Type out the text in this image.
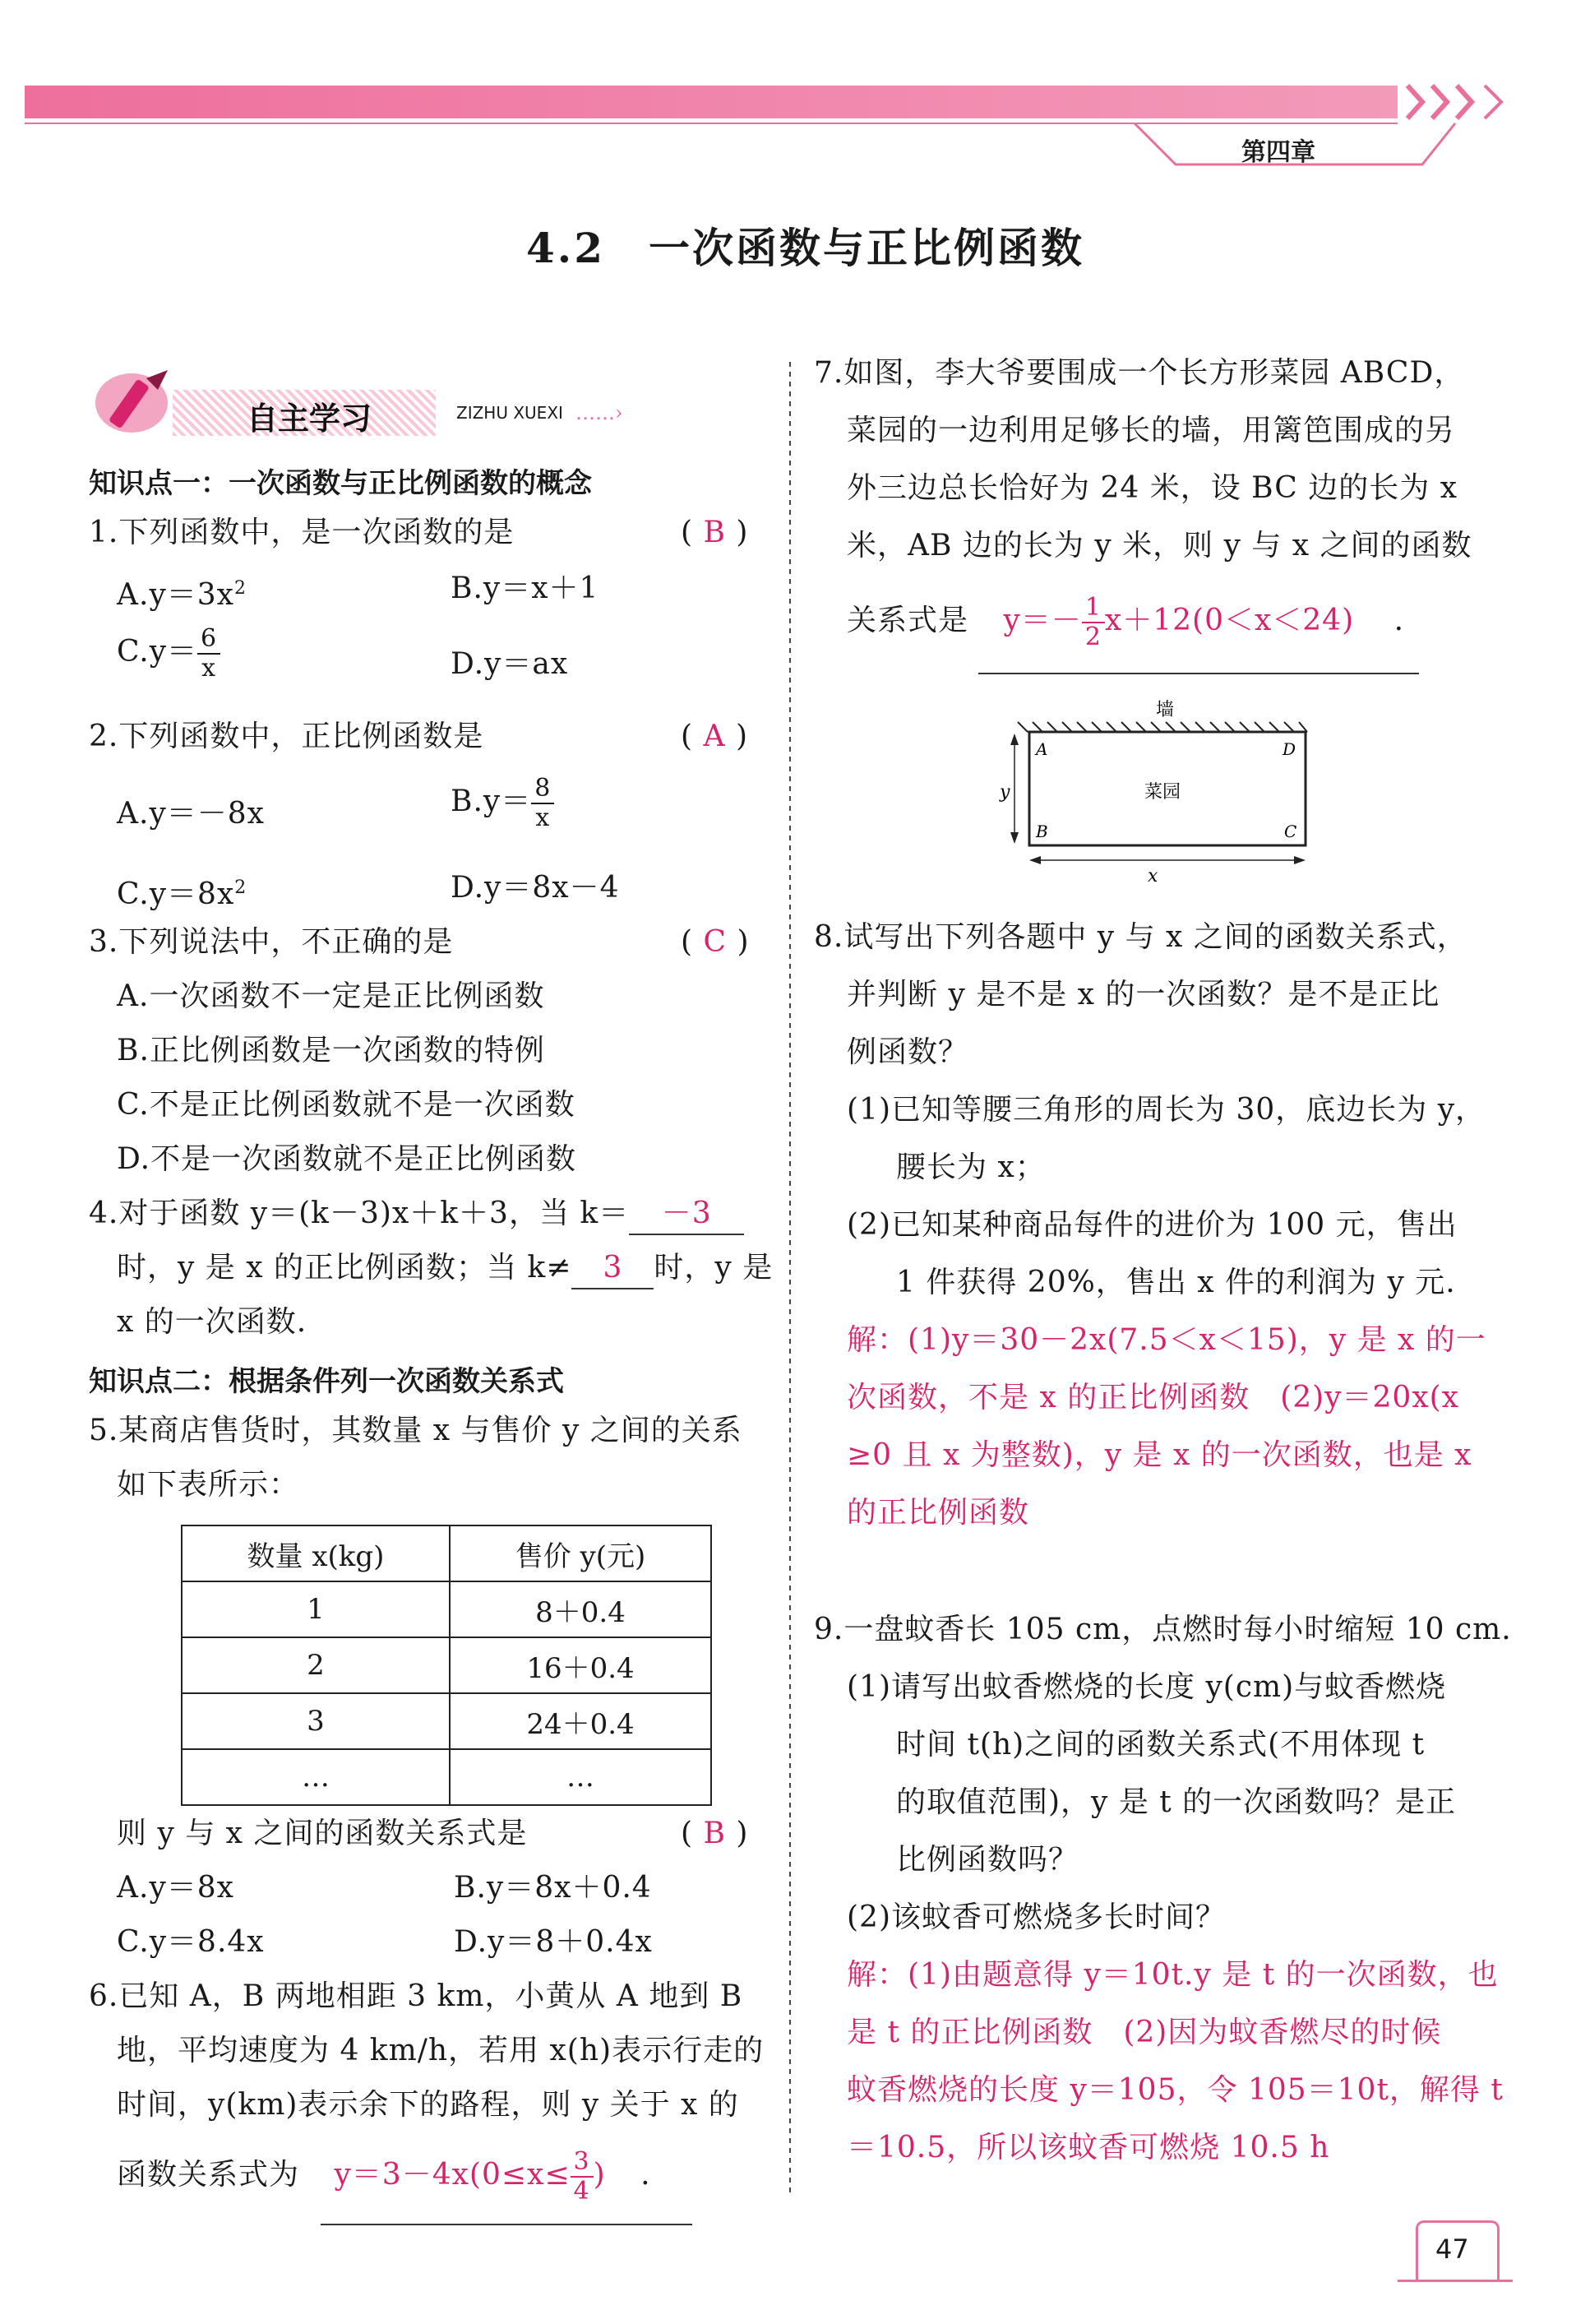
第四章
4.2　一次函数与正比例函数
自主学习	ZIZHU XUEXI ……›
知识点一：一次函数与正比例函数的概念
1.下列函数中，是一次函数的是	( B )
$A.y=3x^2$	B.y＝x＋1
$C.y= \frac{6}{x}$	D.y＝ax
2.下列函数中，正比例函数是	( A )
A.y＝－8x	$B.y= \frac{8}{x}$
$C.y=8x^2$	D.y＝8x－4
3.下列说法中，不正确的是	( C )
A.一次函数不一定是正比例函数
B.正比例函数是一次函数的特例
C.不是正比例函数就不是一次函数
D.不是一次函数就不是正比例函数
4.对于函数 y＝(k－3)x＋k＋3，当 k＝ －3
时，y 是 x 的正比例函数；当 k≠ 3 时，y 是
x 的一次函数.
知识点二：根据条件列一次函数关系式
5.某商店售货时，其数量 x 与售价 y 之间的关系
如下表所示：
数量 x(kg)	售价 y(元)
1	8＋0.4
2	16＋0.4
3	24＋0.4
…	…
则 y 与 x 之间的函数关系式是	( B )
A.y＝8x	B.y＝8x＋0.4
C.y＝8.4x	D.y＝8＋0.4x
6.已知 A，B 两地相距 3 km，小黄从 A 地到 B
地，平均速度为 4 km/h，若用 x(h)表示行走的
时间，y(km)表示余下的路程，则 y 关于 x 的
函数关系式为 $y=3-4x(0\le x\le \frac{3}{4}$ ) .
7.如图，李大爷要围成一个长方形菜园 ABCD，
菜园的一边利用足够长的墙，用篱笆围成的另
外三边总长恰好为 24 米，设 BC 边的长为 x
米，AB 边的长为 y 米，则 y 与 x 之间的函数
关系式是 $y=- \frac{1}{2} x+12(0<x<24)$ .
墙
菜园
A	D
B	C
y
x
8.试写出下列各题中 y 与 x 之间的函数关系式，
并判断 y 是不是 x 的一次函数？是不是正比
例函数？
(1)已知等腰三角形的周长为 30，底边长为 y，
腰长为 x；
(2)已知某种商品每件的进价为 100 元，售出
1 件获得 20%，售出 x 件的利润为 y 元.
解：(1)y＝30－2x(7.5＜x＜15)，y 是 x 的一
次函数，不是 x 的正比例函数　(2)y＝20x(x
≥0 且 x 为整数)，y 是 x 的一次函数，也是 x
的正比例函数
9.一盘蚊香长 105 cm，点燃时每小时缩短 10 cm.
(1)请写出蚊香燃烧的长度 y(cm)与蚊香燃烧
时间 t(h)之间的函数关系式(不用体现 t
的取值范围)，y 是 t 的一次函数吗？是正
比例函数吗？
(2)该蚊香可燃烧多长时间？
解：(1)由题意得 y＝10t.y 是 t 的一次函数，也
是 t 的正比例函数　(2)因为蚊香燃尽的时候
蚊香燃烧的长度 y＝105，令 105＝10t，解得 t
＝10.5，所以该蚊香可燃烧 10.5 h
47
